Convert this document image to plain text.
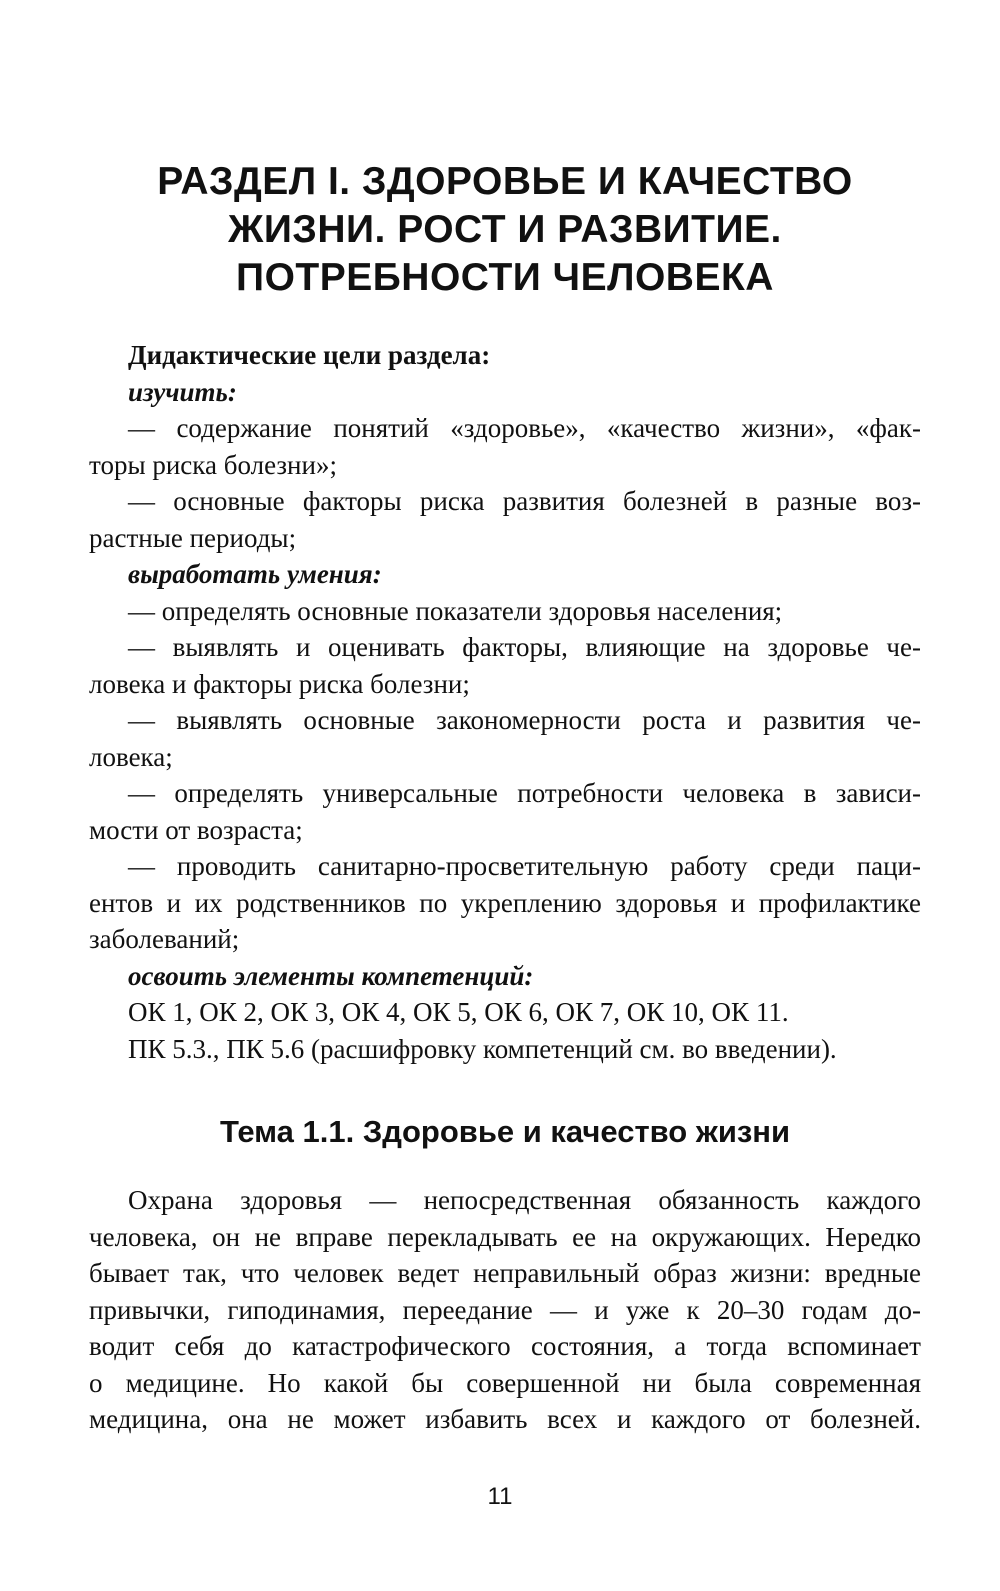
РАЗДЕЛ I. ЗДОРОВЬЕ И КАЧЕСТВО
ЖИЗНИ. РОСТ И РАЗВИТИЕ.
ПОТРЕБНОСТИ ЧЕЛОВЕКА
Дидактические цели раздела:
изучить:
— содержание понятий «здоровье», «качество жизни», «фак-
торы риска болезни»;
— основные факторы риска развития болезней в разные воз-
растные периоды;
выработать умения:
— определять основные показатели здоровья населения;
— выявлять и оценивать факторы, влияющие на здоровье че-
ловека и факторы риска болезни;
— выявлять основные закономерности роста и развития че-
ловека;
— определять универсальные потребности человека в зависи-
мости от возраста;
— проводить санитарно-просветительную работу среди паци-
ентов и их родственников по укреплению здоровья и профилактике
заболеваний;
освоить элементы компетенций:
ОК 1, ОК 2, ОК 3, ОК 4, ОК 5, ОК 6, ОК 7, ОК 10, ОК 11.
ПК 5.3., ПК 5.6 (расшифровку компетенций см. во введении).
Тема 1.1. Здоровье и качество жизни
Охрана здоровья — непосредственная обязанность каждого
человека, он не вправе перекладывать ее на окружающих. Нередко
бывает так, что человек ведет неправильный образ жизни: вредные
привычки, гиподинамия, переедание — и уже к 20–30 годам до-
водит себя до катастрофического состояния, а тогда вспоминает
о медицине. Но какой бы совершенной ни была современная
медицина, она не может избавить всех и каждого от болезней.
11
